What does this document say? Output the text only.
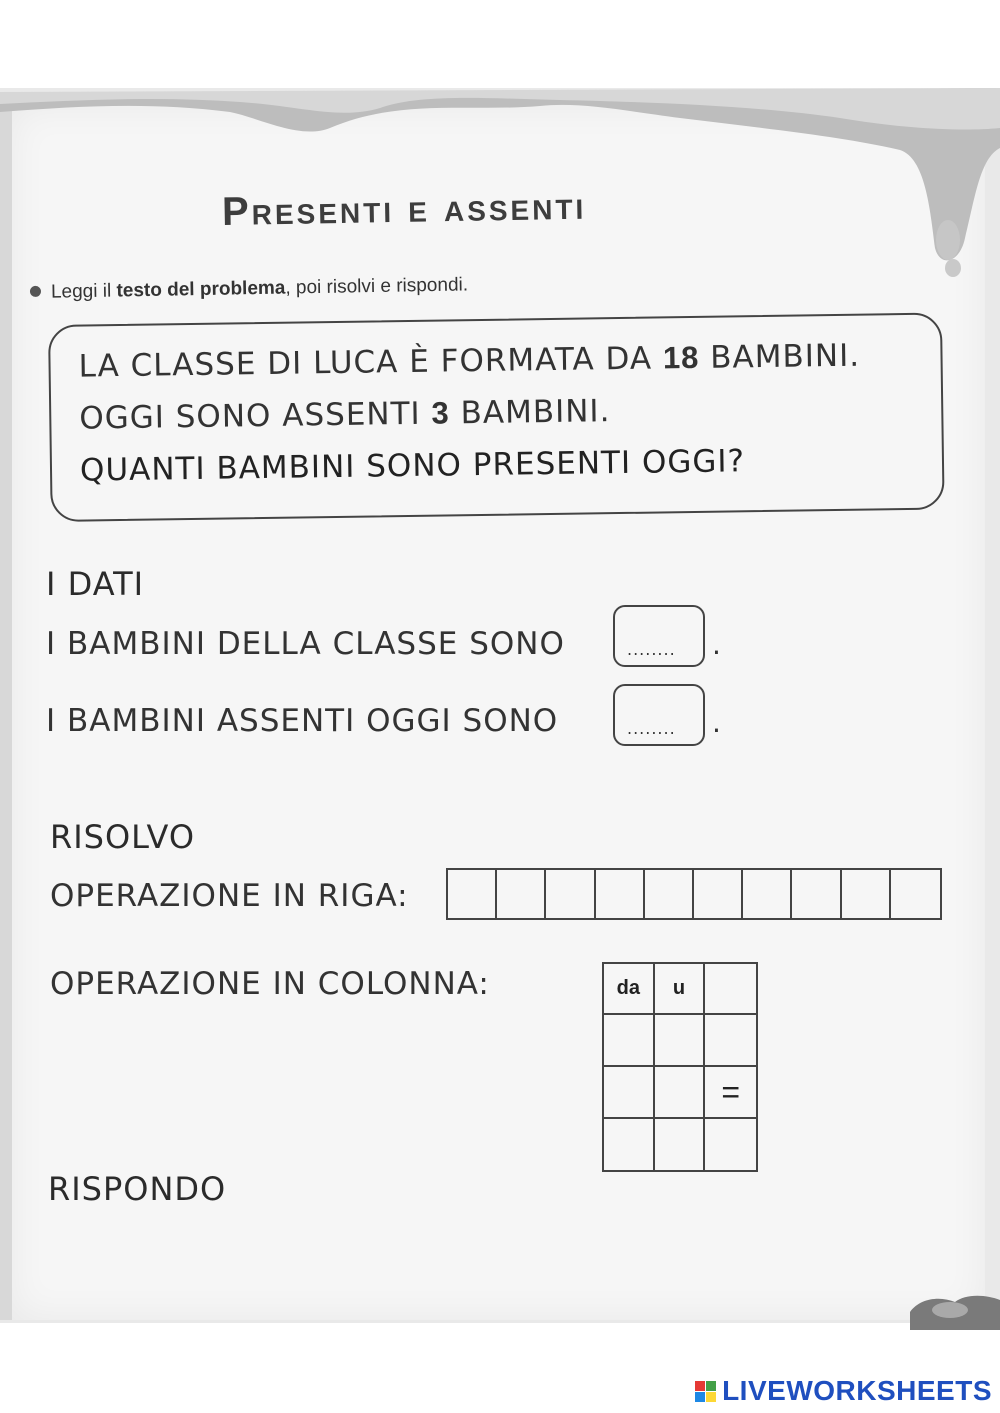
Presenti e assenti
Leggi il testo del problema, poi risolvi e rispondi.
LA CLASSE DI LUCA È FORMATA DA 18 BAMBINI.
OGGI SONO ASSENTI 3 BAMBINI.
QUANTI BAMBINI SONO PRESENTI OGGI?
I DATI
I BAMBINI DELLA CLASSE SONO	........ .
I BAMBINI ASSENTI OGGI SONO	........ .
RISOLVO
OPERAZIONE IN RIGA:
OPERAZIONE IN COLONNA:	da	u
=
RISPONDO
LIVEWORKSHEETS
